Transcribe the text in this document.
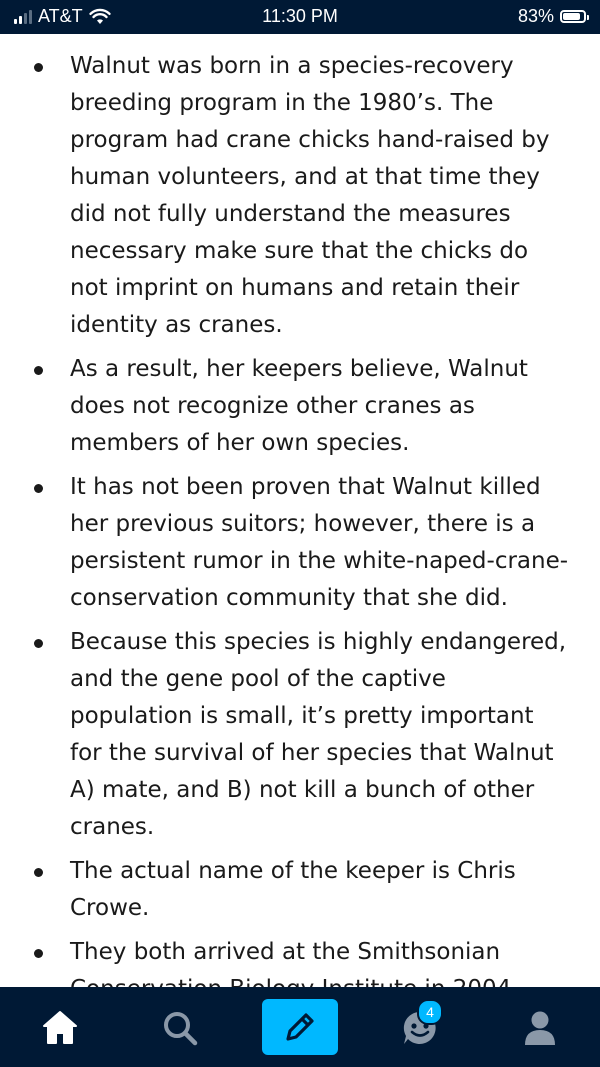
AT&T	11:30 PM	83%
Walnut was born in a species-recovery breeding program in the 1980’s. The program had crane chicks hand-raised by human volunteers, and at that time they did not fully understand the measures necessary make sure that the chicks do not imprint on humans and retain their identity as cranes.
As a result, her keepers believe, Walnut does not recognize other cranes as members of her own species.
It has not been proven that Walnut killed her previous suitors; however, there is a persistent rumor in the white-naped-crane-conservation community that she did.
Because this species is highly endangered, and the gene pool of the captive population is small, it’s pretty important for the survival of her species that Walnut A) mate, and B) not kill a bunch of other cranes.
The actual name of the keeper is Chris Crowe.
They both arrived at the Smithsonian
4
